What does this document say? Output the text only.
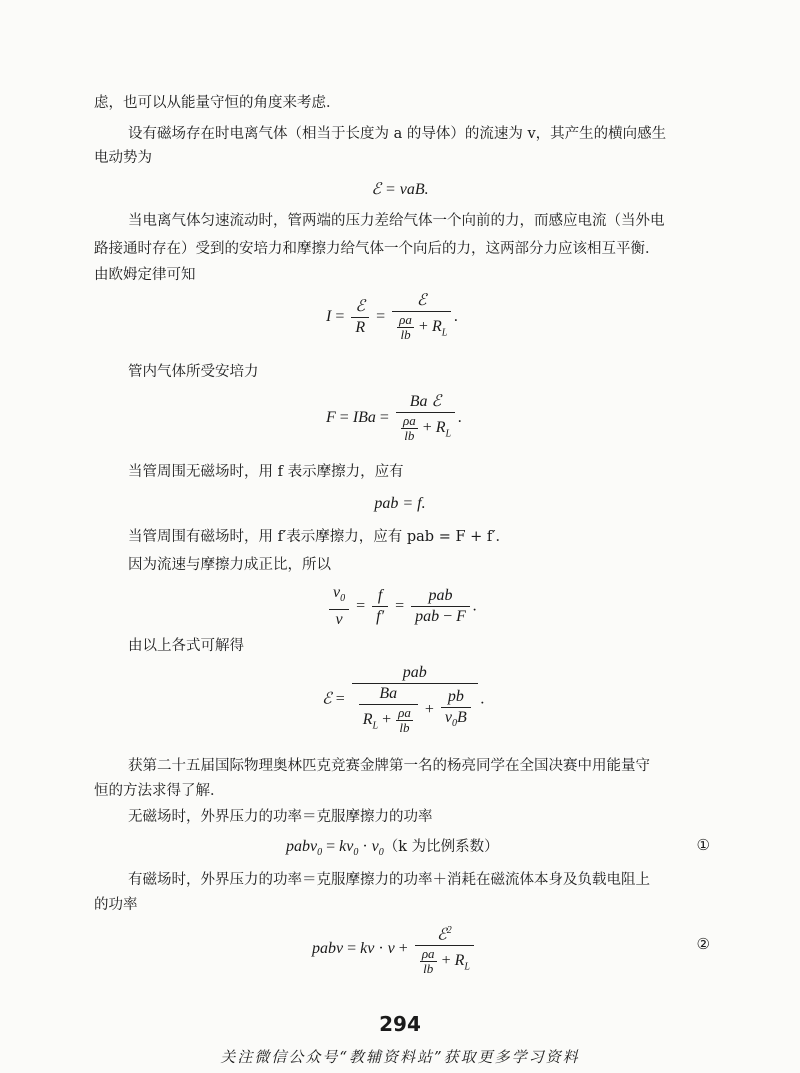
虑，也可以从能量守恒的角度来考虑．
设有磁场存在时电离气体（相当于长度为 a 的导体）的流速为 v，其产生的横向感生
电动势为
ℰ = vaB.
当电离气体匀速流动时，管两端的压力差给气体一个向前的力，而感应电流（当外电
路接通时存在）受到的安培力和摩擦力给气体一个向后的力，这两部分力应该相互平衡．
由欧姆定律可知
$I = \frac{\text{ℰ}}{R} = \frac{\text{ℰ}}{\frac{\rho a}{lb} + R_L}$ .
管内气体所受安培力
F = IBa = $\frac{\text{Ba ℰ}}{\frac{\rho a}{lb} + R_L}$ .
当管周围无磁场时，用 f 表示摩擦力，应有
pab = f.
当管周围有磁场时，用 f′表示摩擦力，应有 pab = F + f′．
因为流速与摩擦力成正比，所以
$\frac{v_0}{v} = \frac{f}{f'} = \frac{\text{pab}}{\text{pab − F}}$ .
由以上各式可解得
ℰ = $\frac{\text{pab}}{\frac{Ba}{R_L + \frac{\rho a}{lb}} + \frac{pb}{v_0B}}$ .
获第二十五届国际物理奥林匹克竞赛金牌第一名的杨亮同学在全国决赛中用能量守
恒的方法求得了解．
无磁场时，外界压力的功率＝克服摩擦力的功率
pabv$_0$ = $kv_0 \cdot v_0(k$ 为比例系数）	①
有磁场时，外界压力的功率＝克服摩擦力的功率＋消耗在磁流体本身及负载电阻上
的功率
pabv = kv · $v + \frac{ℰ^2}{\frac{\rho a}{lb} + R_L}$	②
294
关注微信公众号“教辅资料站”获取更多学习资料
